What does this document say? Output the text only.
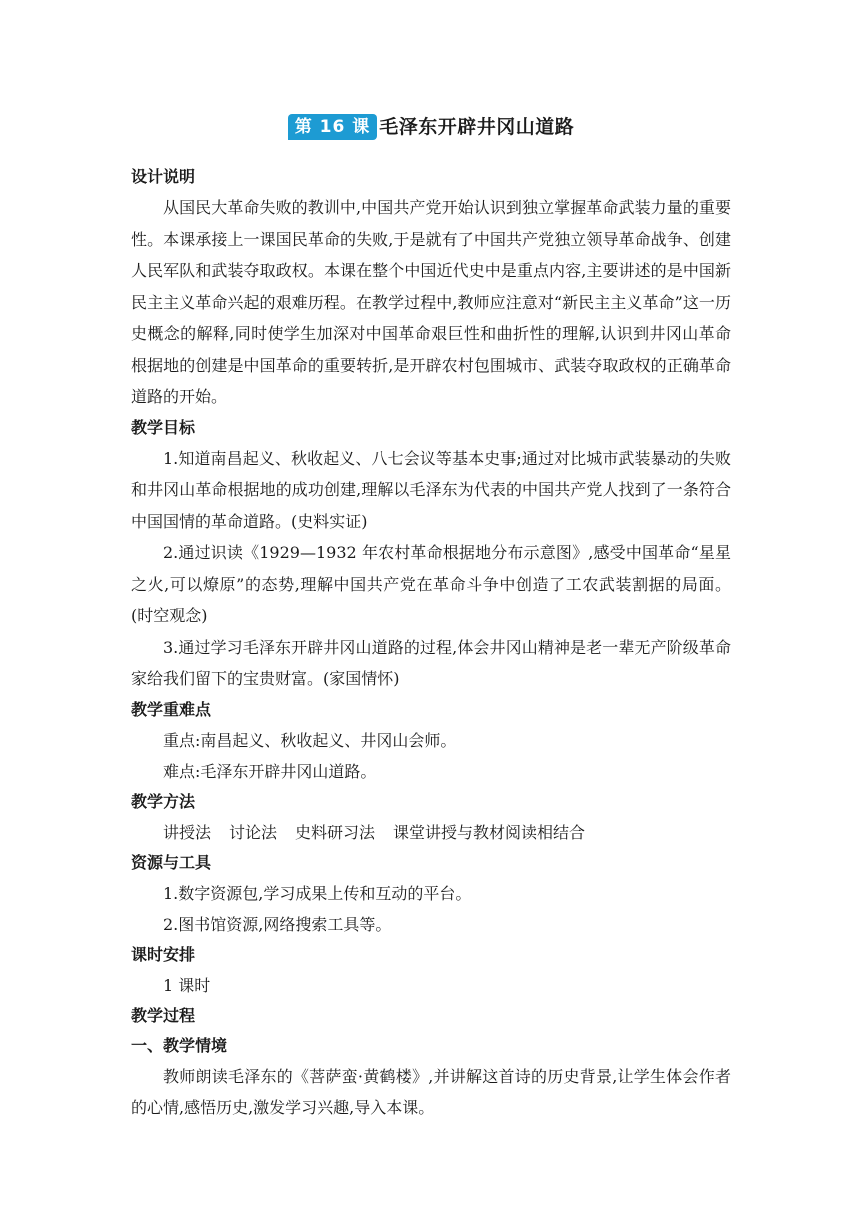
第 16 课 毛泽东开辟井冈山道路
设计说明

从国民大革命失败的教训中,中国共产党开始认识到独立掌握革命武装力量的重要性。本课承接上一课国民革命的失败,于是就有了中国共产党独立领导革命战争、创建人民军队和武装夺取政权。本课在整个中国近代史中是重点内容,主要讲述的是中国新民主主义革命兴起的艰难历程。在教学过程中,教师应注意对“新民主主义革命”这一历史概念的解释,同时使学生加深对中国革命艰巨性和曲折性的理解,认识到井冈山革命根据地的创建是中国革命的重要转折,是开辟农村包围城市、武装夺取政权的正确革命道路的开始。

教学目标

1.知道南昌起义、秋收起义、八七会议等基本史事;通过对比城市武装暴动的失败和井冈山革命根据地的成功创建,理解以毛泽东为代表的中国共产党人找到了一条符合中国国情的革命道路。(史料实证)

2.通过识读《1929—1932 年农村革命根据地分布示意图》,感受中国革命“星星之火,可以燎原”的态势,理解中国共产党在革命斗争中创造了工农武装割据的局面。(时空观念)

3.通过学习毛泽东开辟井冈山道路的过程,体会井冈山精神是老一辈无产阶级革命家给我们留下的宝贵财富。(家国情怀)

教学重难点

重点:南昌起义、秋收起义、井冈山会师。

难点:毛泽东开辟井冈山道路。

教学方法

讲授法 讨论法 史料研习法 课堂讲授与教材阅读相结合

资源与工具

1.数字资源包,学习成果上传和互动的平台。

2.图书馆资源,网络搜索工具等。

课时安排

1 课时

教学过程

一、教学情境

教师朗读毛泽东的《菩萨蛮·黄鹤楼》,并讲解这首诗的历史背景,让学生体会作者的心情,感悟历史,激发学习兴趣,导入本课。
